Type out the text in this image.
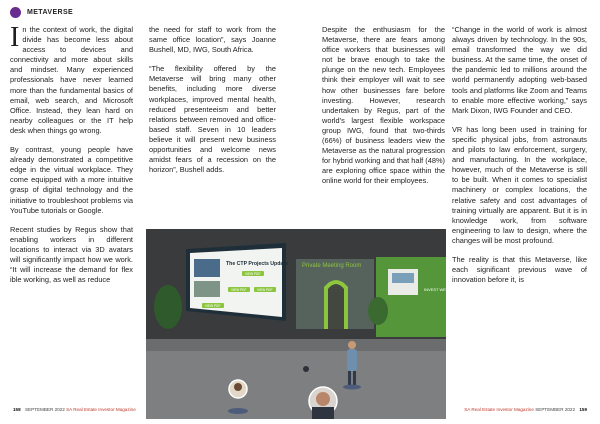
METAVERSE

In the context of work, the digital divide has become less about access to devices and connectivity and more about skills and mindset. Many experienced professionals have never learned more than the fundamental basics of email, web search, and Microsoft Office. Instead, they lean hard on nearby colleagues or the IT help desk when things go wrong.

By contrast, young people have already demonstrated a competitive edge in the virtual workplace. They come equipped with a more intuitive grasp of digital technology and the initiative to troubleshoot problems via YouTube tutorials or Google.

Recent studies by Regus show that enabling workers in different locations to interact via 3D avatars will significantly impact how we work. “It will increase the demand for flex ible working, as well as reduce

the need for staff to work from the same office location”, says Joanne Bushell, MD, IWG, South Africa.

“The flexibility offered by the Metaverse will bring many other benefits, including more diverse workplaces, improved mental health, reduced presenteeism and better relations between removed and office-based staff. Seven in 10 leaders believe it will present new business opportunities and welcome news amidst fears of a recession on the horizon”, Bushell adds.

Despite the enthusiasm for the Metaverse, there are fears among office workers that businesses will not be brave enough to take the plunge on the new tech. Employees think their employer will wait to see how other businesses fare before investing. However, research undertaken by Regus, part of the world’s largest flexible workspace group IWG, found that two-thirds (66%) of business leaders view the Metaverse as the natural progression for hybrid working and that half (48%) are exploring office space within the online world for their employees.

“Change in the world of work is almost always driven by technology. In the 90s, email transformed the way we did business. At the same time, the onset of the pandemic led to millions around the world permanently adopting web-based tools and platforms like Zoom and Teams to enable more effective working,” says Mark Dixon, IWG Founder and CEO.

VR has long been used in training for specific physical jobs, from astronauts and pilots to law enforcement, surgery, and manufacturing. In the workplace, however, much of the Metaverse is still to be built. When it comes to specialist machinery or complex locations, the relative safety and cost advantages of training virtually are apparent. But it is in knowledge work, from software engineering to law to design, where the changes will be most profound.

The reality is that this Metaverse, like each significant previous wave of innovation before it, is

INVEST WELL
Private Meeting Room
The CTP Projects Update
VIEW PDF
VIEW PDF	VIEW PDF
VIEW PDF
158 SEPTEMBER 2022 SA Real Estate Investor Magazine	SA Real Estate Investor Magazine SEPTEMBER 2022 159
